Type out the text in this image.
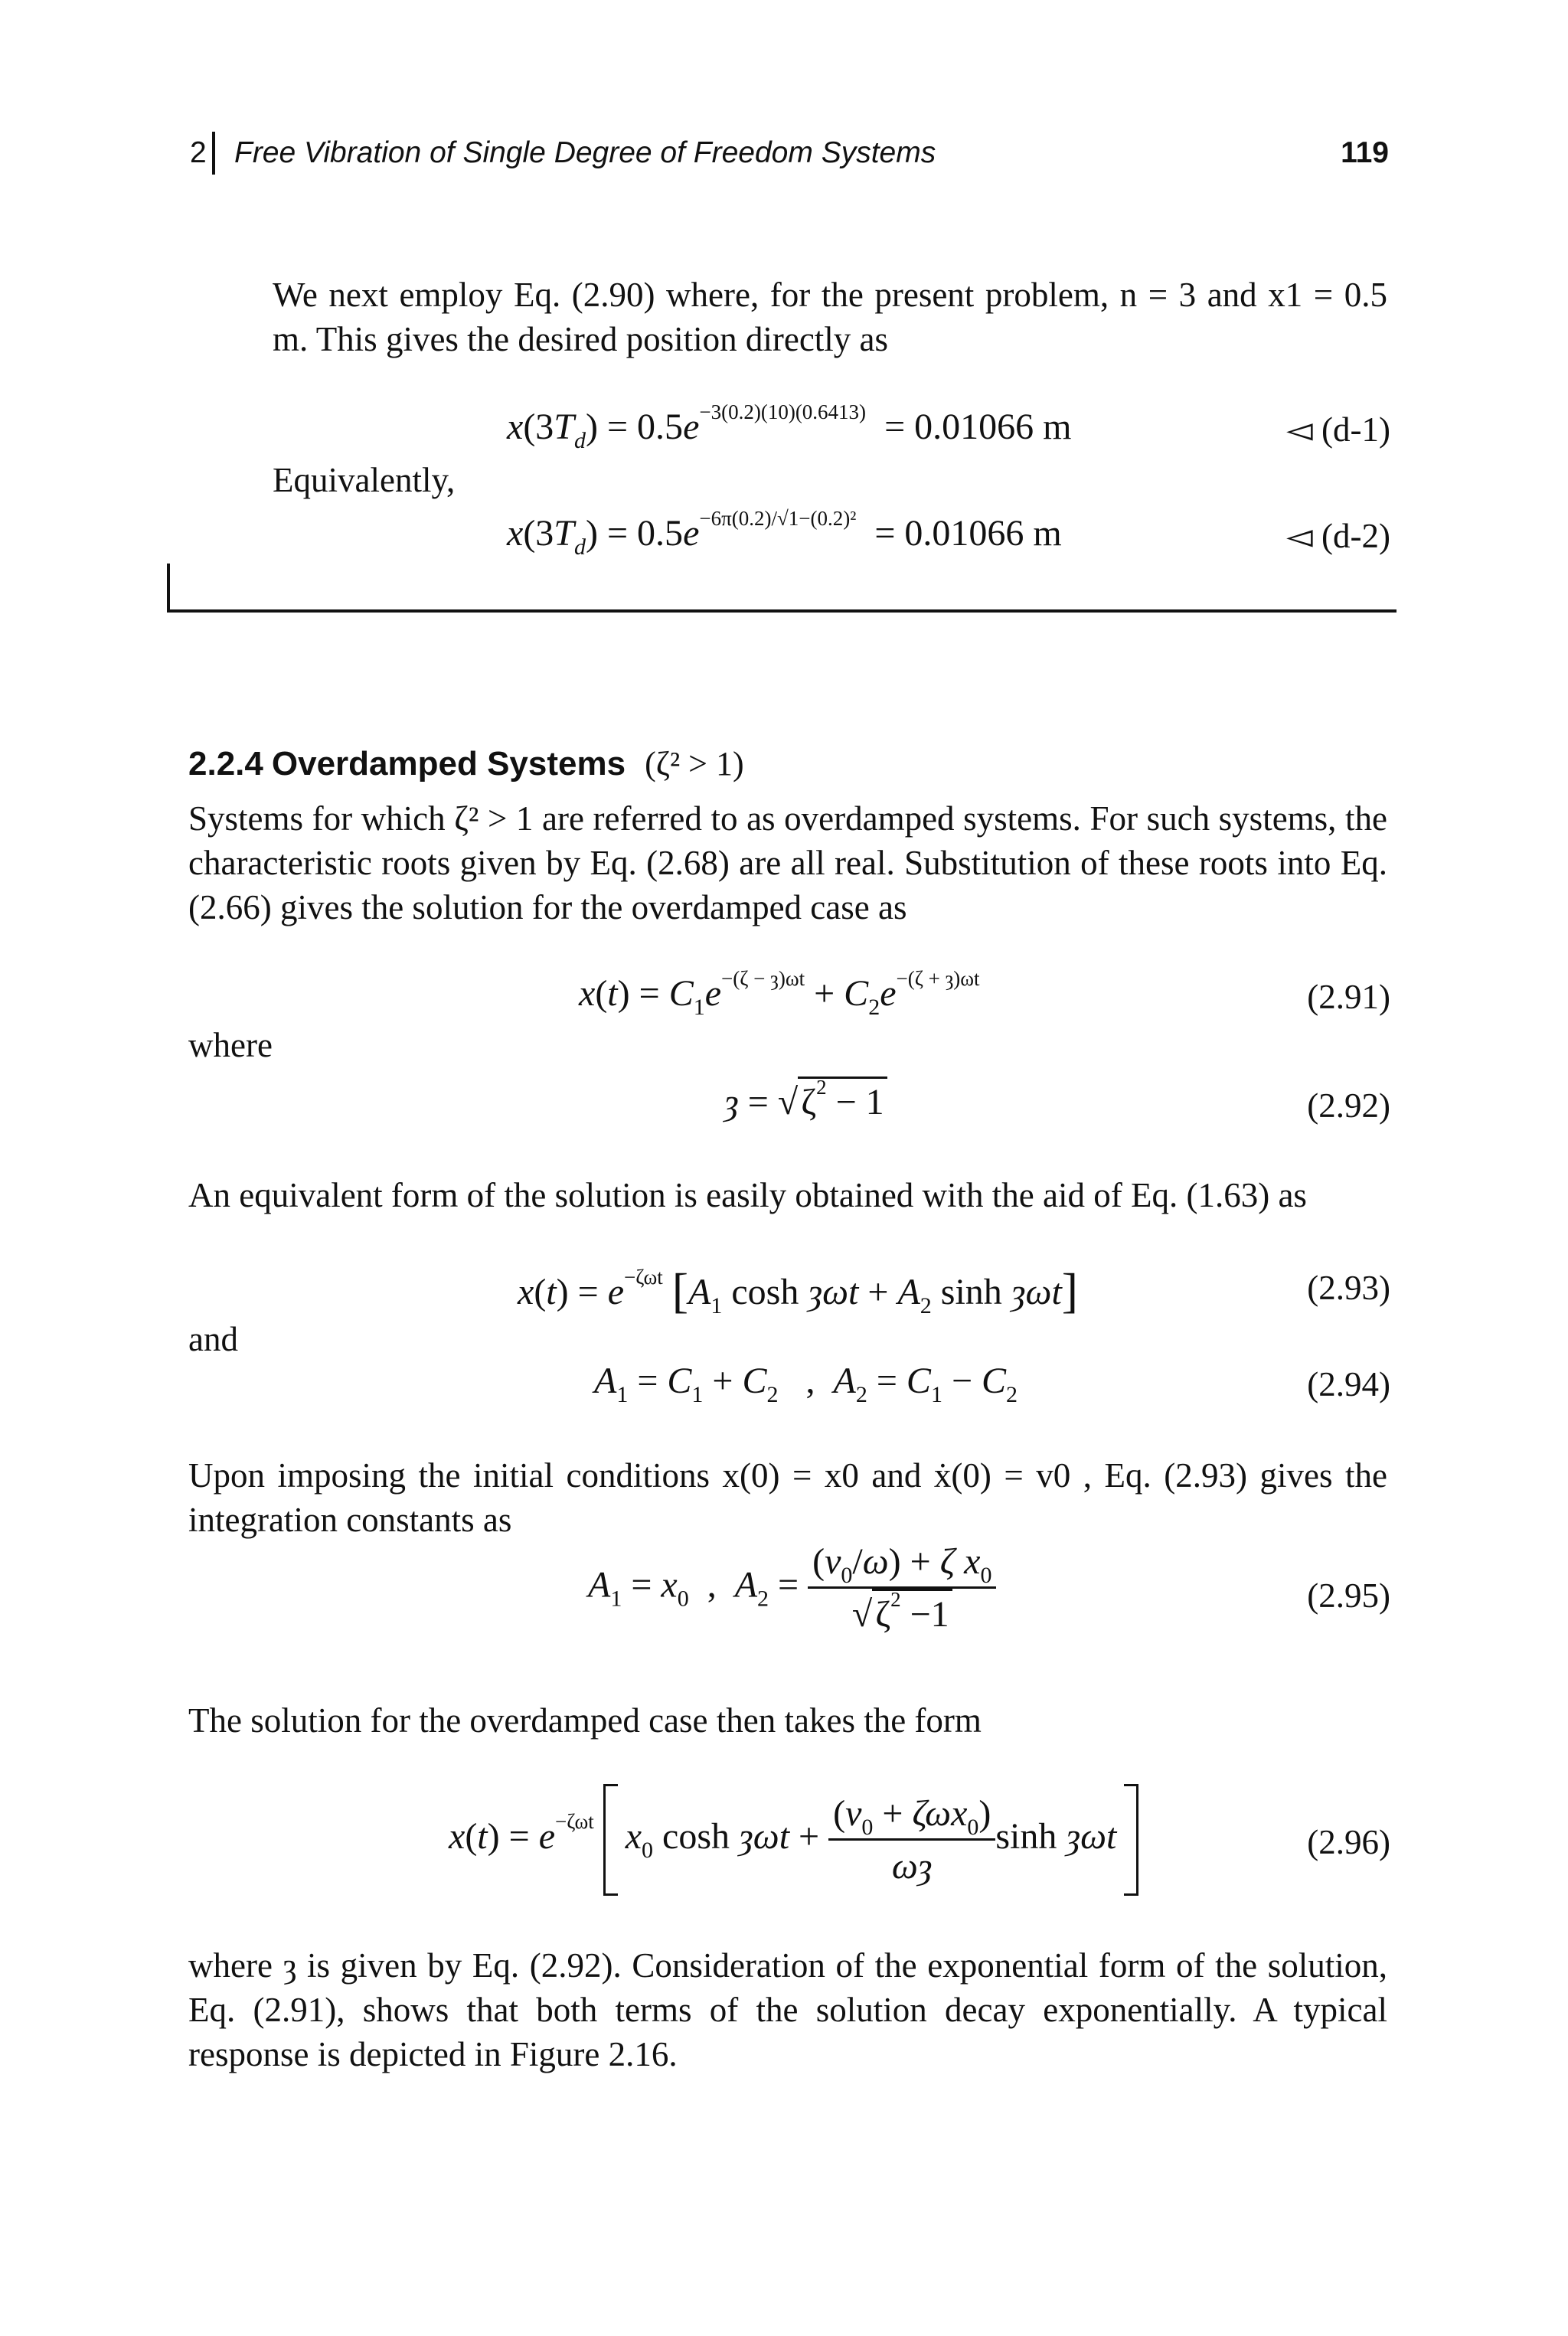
2 Free Vibration of Single Degree of Freedom Systems	119
We next employ Eq. (2.90) where, for the present problem, n = 3 and x1 = 0.5 m. This gives the desired position directly as
$x(3T_d) = 0.5e^{-3(0.2)(10)(0.6413)} = 0.01066$ m	◅ (d-1)
Equivalently,
$x(3T_d) = 0.5e^{-6\pi(0.2)/√1-(0.2)^2} = 0.01066$ m	◅ (d-2)
2.2.4 Overdamped Systems (ζ² > 1)
Systems for which ζ² > 1 are referred to as overdamped systems. For such systems, the characteristic roots given by Eq. (2.68) are all real. Substitution of these roots into Eq. (2.66) gives the solution for the overdamped case as
$x(t) = C_1e^{-(\zeta - ȝ)\omega t} + C_2e^{-(\zeta + ȝ)\omega t}$	(2.91)
where
ȝ = $√\zeta^2 - 1$	(2.92)
An equivalent form of the solution is easily obtained with the aid of Eq. (1.63) as
$x(t) = e^{-\zeta\omega t}$ [$A_1$ cosh ȝωt + $A_2$ sinh ȝωt]	(2.93)
and
$A_1 = C_1 + C_2$   ,  $A_2 = C_1 - C_2$	(2.94)
Upon imposing the initial conditions x(0) = x0 and ẋ(0) = v0 , Eq. (2.93) gives the integration constants as
$A_1 = x_0$  ,  $A_2 = \frac{(v_0/\omega) + \zeta x_0}{√\zeta^2 -1}$	(2.95)
The solution for the overdamped case then takes the form
$x(t) = e^{-\zeta\omega t}$ $x_0$ cosh ȝωt + $\frac{(v_0 + \zeta\omega x_0)}{\omega ȝ}$ sinh ȝωt	(2.96)
where ȝ is given by Eq. (2.92). Consideration of the exponential form of the solution, Eq. (2.91), shows that both terms of the solution decay exponentially. A typical response is depicted in Figure 2.16.
